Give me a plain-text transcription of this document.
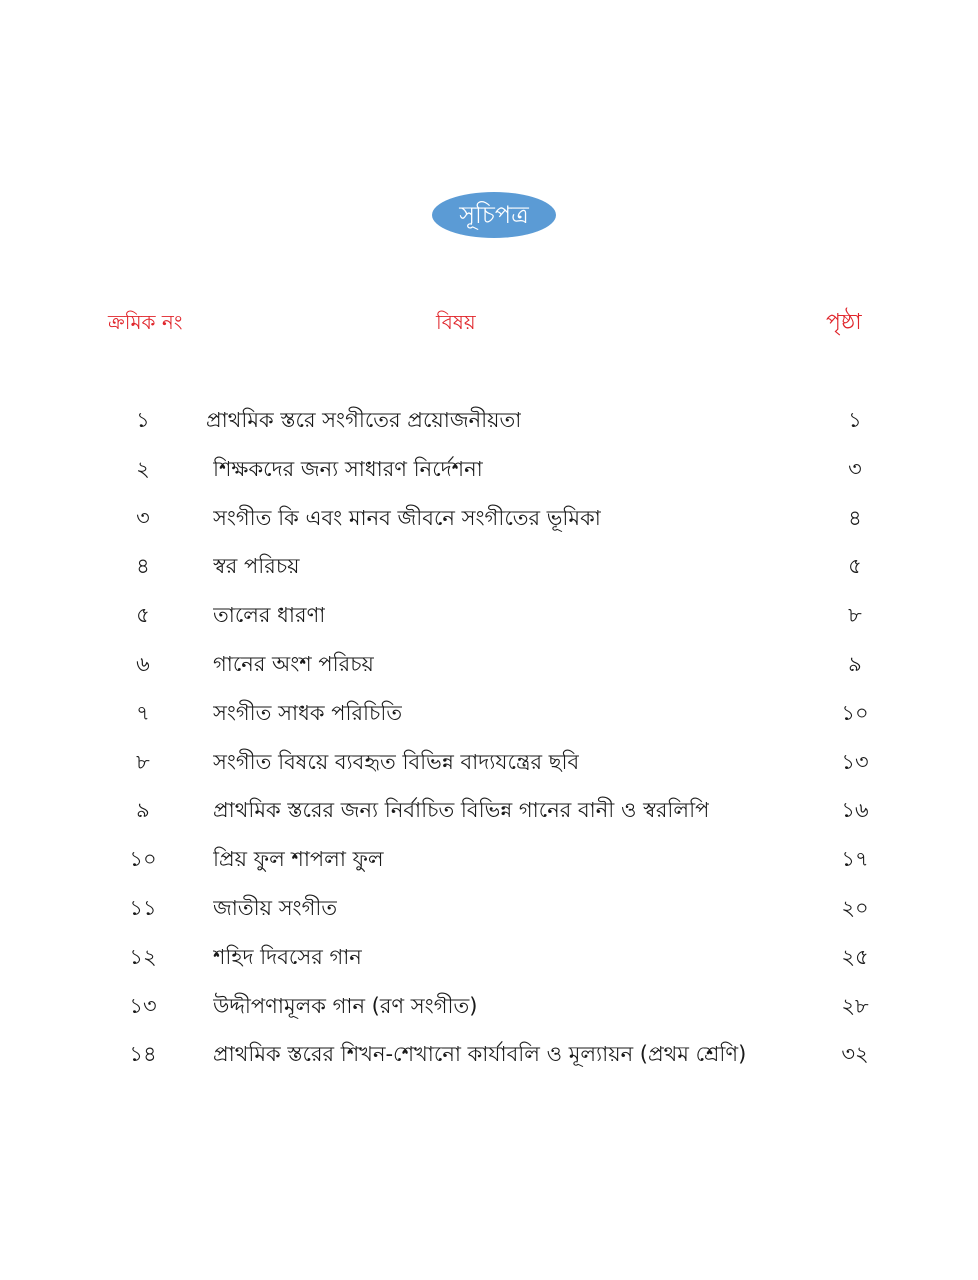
সূচিপত্র
ক্রমিক নং	বিষয়	পৃষ্ঠা
১	প্রাথমিক স্তরে সংগীতের প্রয়োজনীয়তা	১
২	শিক্ষকদের জন্য সাধারণ নির্দেশনা	৩
৩	সংগীত কি এবং মানব জীবনে সংগীতের ভূমিকা	৪
৪	স্বর পরিচয়	৫
৫	তালের ধারণা	৮
৬	গানের অংশ পরিচয়	৯
৭	সংগীত সাধক পরিচিতি	১০
৮	সংগীত বিষয়ে ব্যবহৃত বিভিন্ন বাদ্যযন্ত্রের ছবি	১৩
৯	প্রাথমিক স্তরের জন্য নির্বাচিত বিভিন্ন গানের বানী ও স্বরলিপি	১৬
১০	প্রিয় ফুল শাপলা ফুল	১৭
১১	জাতীয় সংগীত	২০
১২	শহিদ দিবসের গান	২৫
১৩	উদ্দীপণামূলক গান (রণ সংগীত)	২৮
১৪	প্রাথমিক স্তরের শিখন-শেখানো কার্যাবলি ও মূল্যায়ন (প্রথম শ্রেণি)	৩২
